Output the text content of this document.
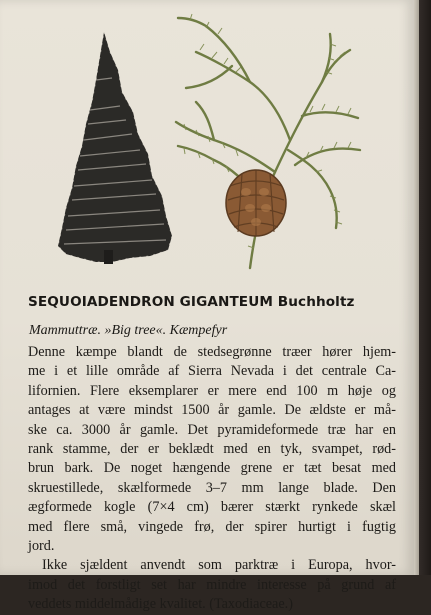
SEQUOIADENDRON GIGANTEUM Buchholtz
Mammuttræ. »Big tree«. Kæmpefyr
Denne kæmpe blandt de stedsegrønne træer hører hjem-
me i et lille område af Sierra Nevada i det centrale Ca-
lifornien. Flere eksemplarer er mere end 100 m høje og
antages at være mindst 1500 år gamle. De ældste er må-
ske ca. 3000 år gamle. Det pyramideformede træ har en
rank stamme, der er beklædt med en tyk, svampet, rød-
brun bark. De noget hængende grene er tæt besat med
skruestillede, skælformede 3–7 mm lange blade. Den
ægformede kogle (7×4 cm) bærer stærkt rynkede skæl
med flere små, vingede frø, der spirer hurtigt i fugtig
jord.
Ikke sjældent anvendt som parktræ i Europa, hvor-
imod det forstligt set har mindre interesse på grund af
veddets middelmådige kvalitet. (Taxodiaceae.)
